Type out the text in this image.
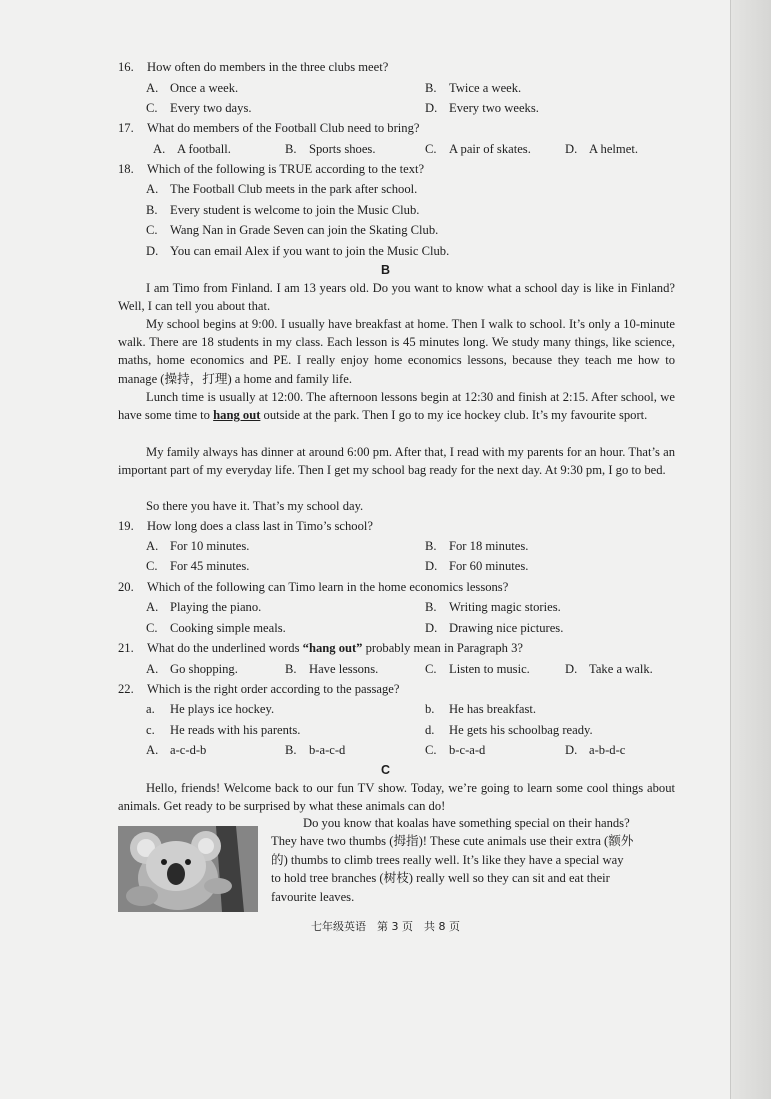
16. How often do members in the three clubs meet?
A. Once a week.	B. Twice a week.
C. Every two days.	D. Every two weeks.
17. What do members of the Football Club need to bring?
A. A football.	B. Sports shoes.	C. A pair of skates.	D. A helmet.
18. Which of the following is TRUE according to the text?
A. The Football Club meets in the park after school.
B. Every student is welcome to join the Music Club.
C. Wang Nan in Grade Seven can join the Skating Club.
D. You can email Alex if you want to join the Music Club.
B
I am Timo from Finland. I am 13 years old. Do you want to know what a school day is like in Finland? Well, I can tell you about that.
My school begins at 9:00. I usually have breakfast at home. Then I walk to school. It’s only a 10-minute walk. There are 18 students in my class. Each lesson is 45 minutes long. We study many things, like science, maths, home economics and PE. I really enjoy home economics lessons, because they teach me how to manage (操持，打理) a home and family life.
Lunch time is usually at 12:00. The afternoon lessons begin at 12:30 and finish at 2:15. After school, we have some time to hang out outside at the park. Then I go to my ice hockey club. It’s my favourite sport.
My family always has dinner at around 6:00 pm. After that, I read with my parents for an hour. That’s an important part of my everyday life. Then I get my school bag ready for the next day. At 9:30 pm, I go to bed.
So there you have it. That’s my school day.
19. How long does a class last in Timo’s school?
A. For 10 minutes.	B. For 18 minutes.
C. For 45 minutes.	D. For 60 minutes.
20. Which of the following can Timo learn in the home economics lessons?
A. Playing the piano.	B. Writing magic stories.
C. Cooking simple meals.	D. Drawing nice pictures.
21. What do the underlined words “hang out” probably mean in Paragraph 3?
A. Go shopping.	B. Have lessons.	C. Listen to music.	D. Take a walk.
22. Which is the right order according to the passage?
a. He plays ice hockey.	b. He has breakfast.
c. He reads with his parents.	d. He gets his schoolbag ready.
A. a-c-d-b	B. b-a-c-d	C. b-c-a-d	D. a-b-d-c
C
Hello, friends! Welcome back to our fun TV show. Today, we’re going to learn some cool things about animals. Get ready to be surprised by what these animals can do!
Do you know that koalas have something special on their hands?
They have two thumbs (拇指)! These cute animals use their extra (额外
的) thumbs to climb trees really well. It’s like they have a special way
to hold tree branches (树枝) really well so they can sit and eat their
favourite leaves.
七年级英语　第 3 页　共 8 页
